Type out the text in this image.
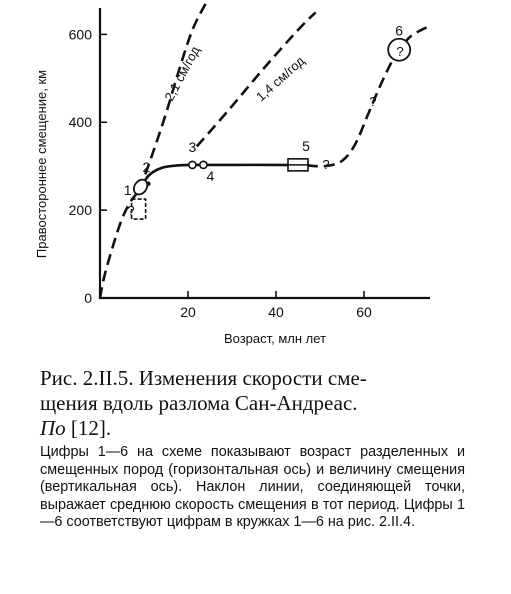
0
200
400
600
20	40	60
1
2
3
4
5
6
Правостороннее смещение, км
Возраст, млн лет
2,1 см/год	1,4 см/год
?
?
?
?
Рис. 2.II.5. Изменения скорости сме-
щения вдоль разлома Сан-Андреас.
По [12].
Цифры 1—6 на схеме показывают возраст разделенных и смещенных пород (горизонтальная ось) и величину смещения (вертикальная ось). Наклон линии, соединяющей точки, выражает среднюю скорость смещения в тот период. Цифры 1—6 соответствуют цифрам в кружках 1—6 на рис. 2.II.4.
